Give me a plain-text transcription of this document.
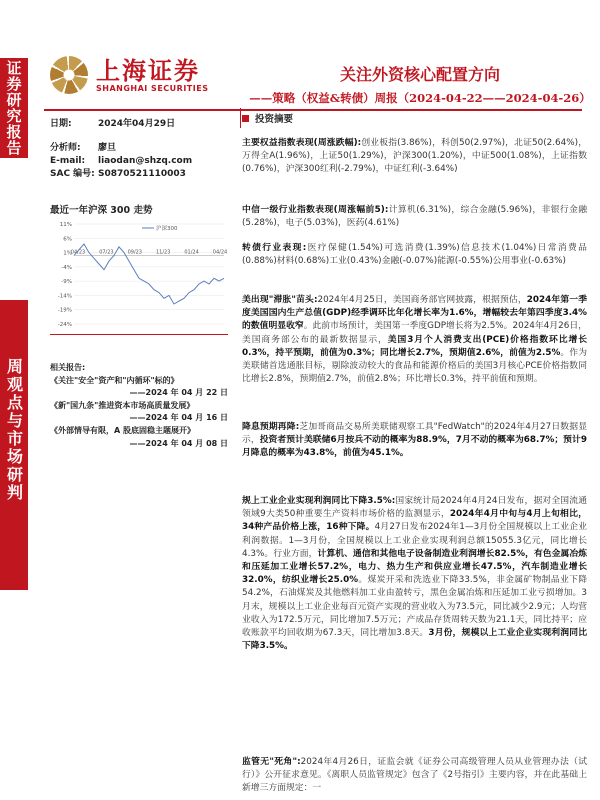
证券研究报告
周观点与市场研判
上海证券
SHANGHAI SECURITIES
关注外资核心配置方向
——策略（权益&转债）周报（2024-04-22——2024-04-26）
日期:	2024年04月29日
分析师: 廖旦
E-mail: liaodan@shzq.com
SAC 编号: S0870521110003
最近一年沪深 300 走势
11%
6%
1%
-4%
-9%
-14%
-19%
-24%
04/23	07/23	09/23	11/23	01/24	04/24
沪深300
相关报告:
《关注"安全"资产和"内循环"标的》
——2024 年 04 月 22 日
《新"国九条"推进资本市场高质量发展》
——2024 年 04 月 16 日
《外部情导有限，A 股底固稳主题展开》
——2024 年 04 月 08 日
投资摘要
主要权益指数表现(周涨跌幅):创业板指(3.86%)，科创50(2.97%)，北证50(2.64%)，万得全A(1.96%)，上证50(1.29%)，沪深300(1.20%)，中证500(1.08%)，上证指数(0.76%)，沪深300红利(-2.79%)，中证红利(-3.64%)
中信一级行业指数表现(周涨幅前5):计算机(6.31%)，综合金融(5.96%)，非银行金融(5.28%)，电子(5.03%)，医药(4.61%)
转债行业表现:医疗保健(1.54%)可选消费(1.39%)信息技术(1.04%)日常消费品(0.88%)材料(0.68%)工业(0.43%)金融(-0.07%)能源(-0.55%)公用事业(-0.63%)
美出现"滞胀"苗头:2024年4月25日，美国商务部官网披露，根据预估，2024年第一季度美国国内生产总值(GDP)经季调环比年化增长率为1.6%，增幅较去年第四季度3.4%的数值明显收窄。此前市场预计，美国第一季度GDP增长将为2.5%。2024年4月26日，美国商务部公布的最新数据显示，美国3月个人消费支出(PCE)价格指数环比增长0.3%，持平预期，前值为0.3%；同比增长2.7%，预期值2.6%，前值为2.5%。作为美联储首选通胀目标，剔除波动较大的食品和能源价格后的美国3月核心PCE价格指数同比增长2.8%，预期值2.7%，前值2.8%；环比增长0.3%，持平前值和预期。
降息预期再降:芝加哥商品交易所美联储观察工具"FedWatch"的2024年4月27日数据显示，投资者预计美联储6月按兵不动的概率为88.9%，7月不动的概率为68.7%；预计9月降息的概率为43.8%，前值为45.1%。
规上工业企业实现利润同比下降3.5%:国家统计局2024年4月24日发布，据对全国流通领域9大类50种重要生产资料市场价格的监测显示，2024年4月中旬与4月上旬相比，34种产品价格上涨，16种下降。4月27日发布2024年1—3月份全国规模以上工业企业利润数据。1—3月份，全国规模以上工业企业实现利润总额15055.3亿元，同比增长4.3%。行业方面，计算机、通信和其他电子设备制造业利润增长82.5%，有色金属冶炼和压延加工业增长57.2%，电力、热力生产和供应业增长47.5%，汽车制造业增长32.0%，纺织业增长25.0%。煤炭开采和洗选业下降33.5%，非金属矿物制品业下降54.2%，石油煤炭及其他燃料加工业由盈转亏，黑色金属冶炼和压延加工业亏损增加。3月末，规模以上工业企业每百元资产实现的营业收入为73.5元，同比减少2.9元；人均营业收入为172.5万元，同比增加7.5万元；产成品存货周转天数为21.1天，同比持平；应收账款平均回收期为67.3天，同比增加3.8天。3月份，规模以上工业企业实现利润同比下降3.5%。
监管无"死角":2024年4月26日，证监会就《证券公司高级管理人员从业管理办法（试行）》公开征求意见。《离职人员监管规定》包含了《2号指引》主要内容，并在此基础上新增三方面规定：一
